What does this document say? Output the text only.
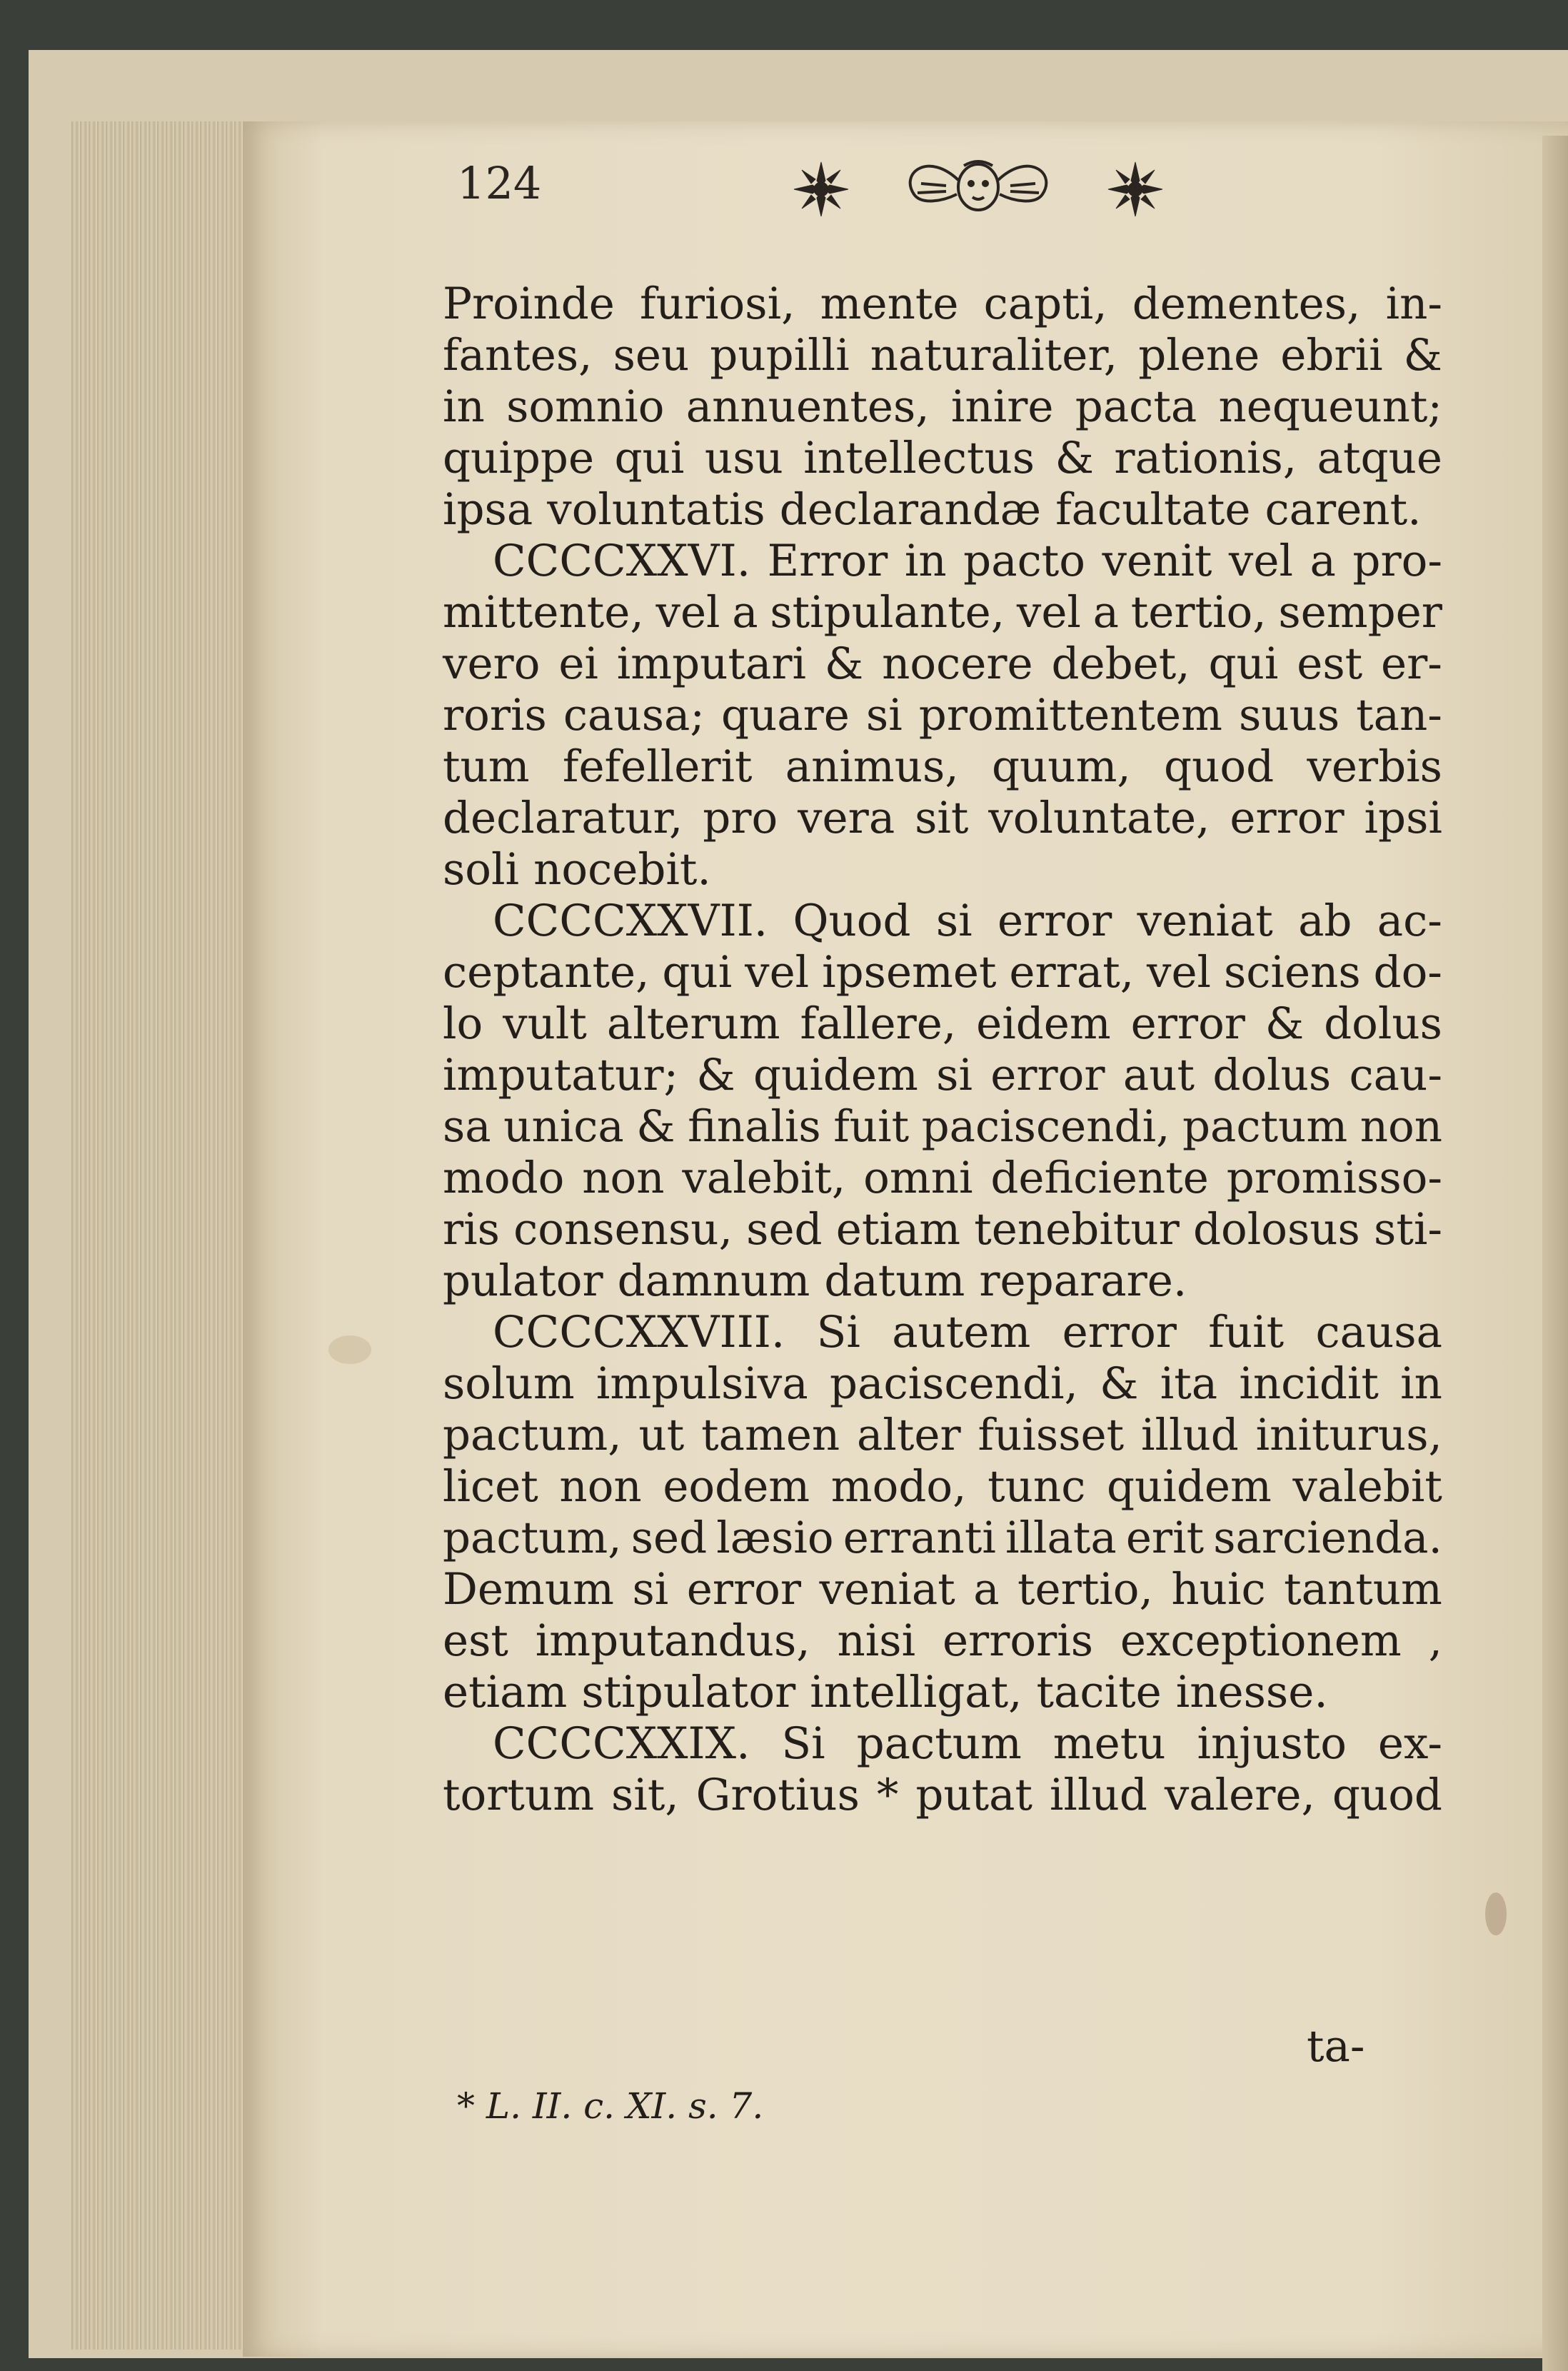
124
Proinde furiosi, mente capti, dementes, in-
fantes, seu pupilli naturaliter, plene ebrii &
in somnio annuentes, inire pacta nequeunt;
quippe qui usu intellectus & rationis, atque
ipsa voluntatis declarandæ facultate carent.
CCCCXXVI. Error in pacto venit vel a pro-
mittente, vel a stipulante, vel a tertio, semper
vero ei imputari & nocere debet, qui est er-
roris causa; quare si promittentem suus tan-
tum fefellerit animus, quum, quod verbis
declaratur, pro vera sit voluntate, error ipsi
soli nocebit.
CCCCXXVII. Quod si error veniat ab ac-
ceptante, qui vel ipsemet errat, vel sciens do-
lo vult alterum fallere, eidem error & dolus
imputatur; & quidem si error aut dolus cau-
sa unica & finalis fuit paciscendi, pactum non
modo non valebit, omni deficiente promisso-
ris consensu, sed etiam tenebitur dolosus sti-
pulator damnum datum reparare.
CCCCXXVIII. Si autem error fuit causa
solum impulsiva paciscendi, & ita incidit in
pactum, ut tamen alter fuisset illud initurus,
licet non eodem modo, tunc quidem valebit
pactum, sed læsio erranti illata erit sarcienda.
Demum si error veniat a tertio, huic tantum
est imputandus, nisi erroris exceptionem ,
etiam stipulator intelligat, tacite inesse.
CCCCXXIX. Si pactum metu injusto ex-
tortum sit, Grotius * putat illud valere, quod
ta-
* L. II. c. XI. s. 7.
